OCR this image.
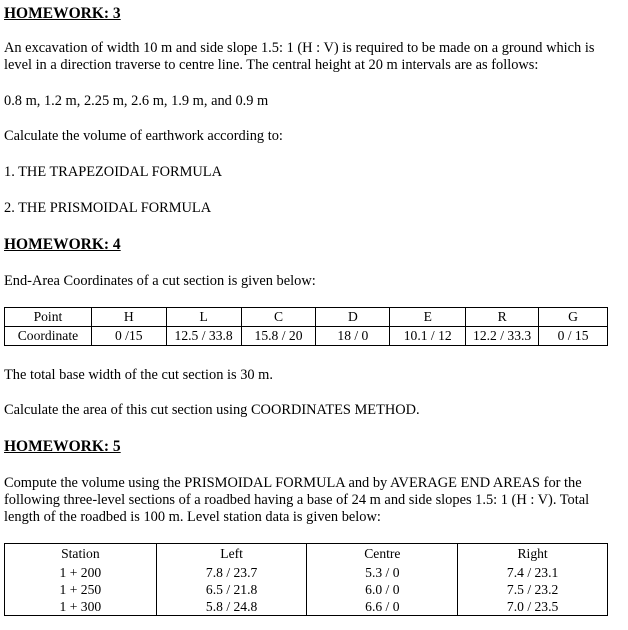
HOMEWORK: 3

An excavation of width 10 m and side slope 1.5: 1 (H : V) is required to be made on a ground which is level in a direction traverse to centre line. The central height at 20 m intervals are as follows:

0.8 m, 1.2 m, 2.25 m, 2.6 m, 1.9 m, and 0.9 m

Calculate the volume of earthwork according to:

1. THE TRAPEZOIDAL FORMULA

2. THE PRISMOIDAL FORMULA

HOMEWORK: 4

End-Area Coordinates of a cut section is given below:

Point	H	L	C	D	E	R	G
Coordinate	0 /15	12.5 / 33.8	15.8 / 20	18 / 0	10.1 / 12	12.2 / 33.3	0 / 15

The total base width of the cut section is 30 m.

Calculate the area of this cut section using COORDINATES METHOD.

HOMEWORK: 5

Compute the volume using the PRISMOIDAL FORMULA and by AVERAGE END AREAS for the following three-level sections of a roadbed having a base of 24 m and side slopes 1.5: 1 (H : V). Total length of the roadbed is 100 m. Level station data is given below:

Station	Left	Centre	Right
1 + 200	7.8 / 23.7	5.3 / 0	7.4 / 23.1
1 + 250	6.5 / 21.8	6.0 / 0	7.5 / 23.2
1 + 300	5.8 / 24.8	6.6 / 0	7.0 / 23.5
